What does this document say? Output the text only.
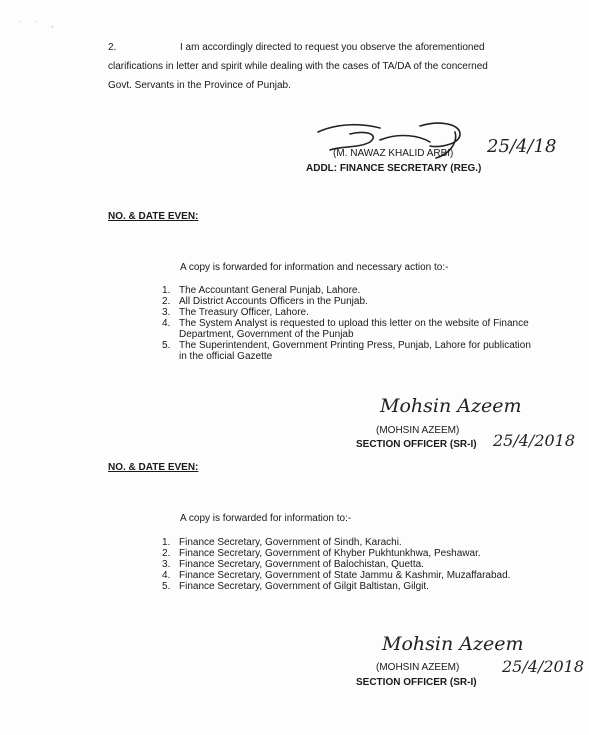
˙ ˙ ¸
2.	I am accordingly directed to request you observe the aforementioned
clarifications in letter and spirit while dealing with the cases of TA/DA of the concerned
Govt. Servants in the Province of Punjab.
(M. NAWAZ KHALID ARBI)
ADDL: FINANCE SECRETARY (REG.)
25/4/18
NO. & DATE EVEN:
A copy is forwarded for information and necessary action to:-
1. The Accountant General Punjab, Lahore.
2. All District Accounts Officers in the Punjab.
3. The Treasury Officer, Lahore.
4. The System Analyst is requested to upload this letter on the website of Finance Department, Government of the Punjab
5. The Superintendent, Government Printing Press, Punjab, Lahore for publication in the official Gazette
Mohsin Azeem
(MOHSIN AZEEM)
SECTION OFFICER (SR-I) 25/4/2018
NO. & DATE EVEN:
A copy is forwarded for information to:-
1. Finance Secretary, Government of Sindh, Karachi.
2. Finance Secretary, Government of Khyber Pukhtunkhwa, Peshawar.
3. Finance Secretary, Government of Balochistan, Quetta.
4. Finance Secretary, Government of State Jammu & Kashmir, Muzaffarabad.
5. Finance Secretary, Government of Gilgit Baltistan, Gilgit.
Mohsin Azeem
(MOHSIN AZEEM)
SECTION OFFICER (SR-I)
25/4/2018
